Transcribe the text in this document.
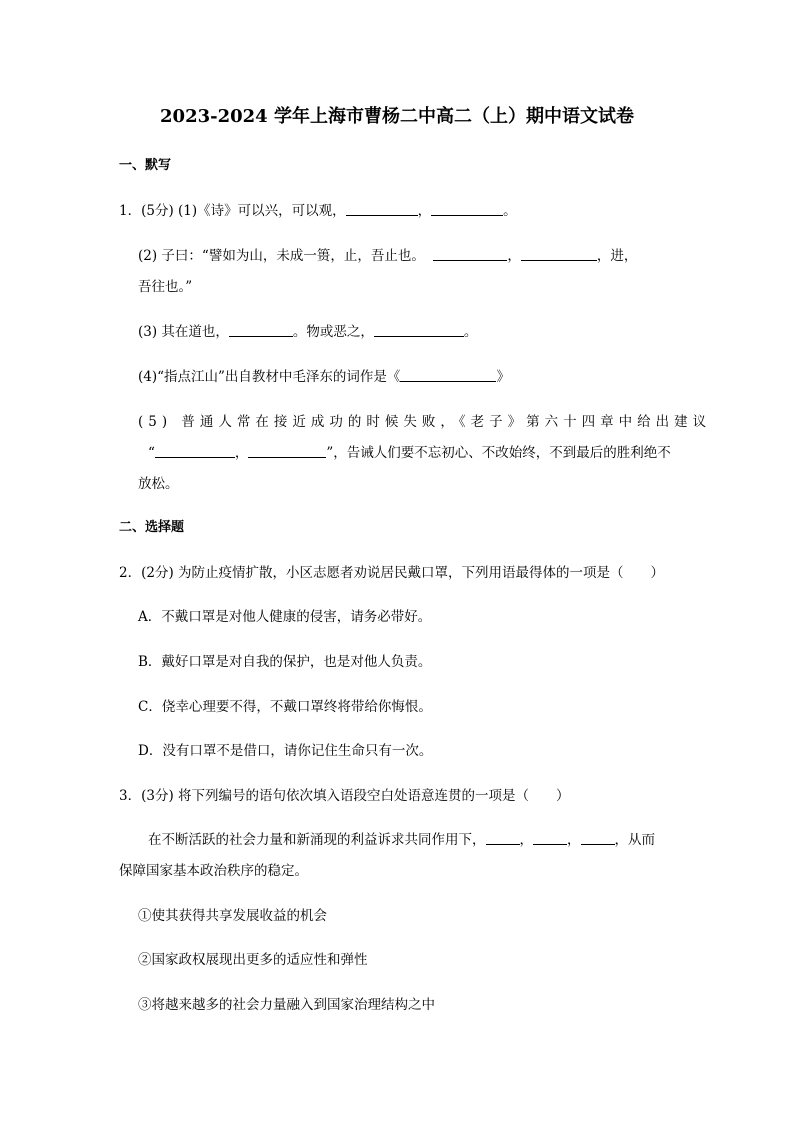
2023-2024 学年上海市曹杨二中高二（上）期中语文试卷
一、默写
1．(5分) (1)《诗》可以兴，可以观，	，	。
(2) 子曰：“譬如为山，未成一篑，止，吾止也。	，	，进，
吾往也。”
(3) 其在道也，	。物或恶之，	。
(4)“指点江山”出自教材中毛泽东的词作是《	》
(5) 普通人常在接近成功的时候失败，《老子》第六十四章中给出建议
“	，	”，告诫人们要不忘初心、不改始终，不到最后的胜利绝不
放松。
二、选择题
2．(2分) 为防止疫情扩散，小区志愿者劝说居民戴口罩，下列用语最得体的一项是（　　）
A．不戴口罩是对他人健康的侵害，请务必带好。
B．戴好口罩是对自我的保护，也是对他人负责。
C．侥幸心理要不得，不戴口罩终将带给你悔恨。
D．没有口罩不是借口，请你记住生命只有一次。
3．(3分) 将下列编号的语句依次填入语段空白处语意连贯的一项是（　　）
在不断活跃的社会力量和新涌现的利益诉求共同作用下，	，	，	，从而
保障国家基本政治秩序的稳定。
①使其获得共享发展收益的机会
②国家政权展现出更多的适应性和弹性
③将越来越多的社会力量融入到国家治理结构之中
